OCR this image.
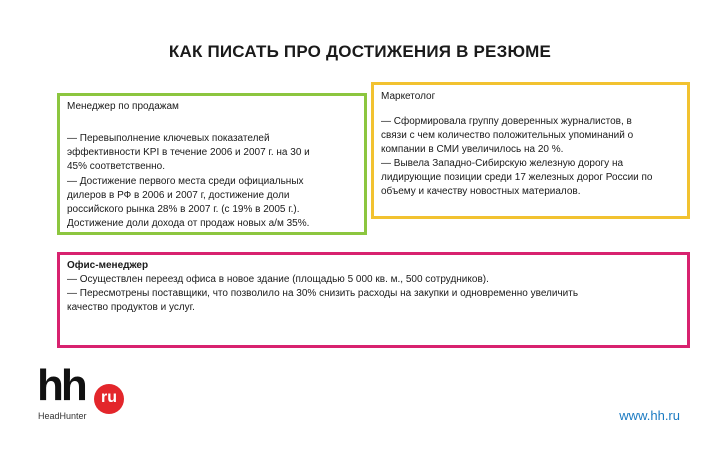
КАК ПИСАТЬ ПРО ДОСТИЖЕНИЯ В РЕЗЮМЕ
Менеджер по продажам
— Перевыполнение ключевых показателей
эффективности KPI в течение 2006 и 2007 г. на 30 и
45% соответственно.
— Достижение первого места среди официальных
дилеров в РФ в 2006 и 2007 г, достижение доли
российского рынка 28% в 2007 г. (с 19% в 2005 г.).
Достижение доли дохода от продаж новых а/м 35%.
Маркетолог
— Сформировала группу доверенных журналистов, в
связи с чем количество положительных упоминаний о
компании в СМИ увеличилось на 20 %.
— Вывела Западно-Сибирскую железную дорогу на
лидирующие позиции среди 17 железных дорог России по
объему и качеству новостных материалов.
Офис-менеджер
— Осуществлен переезд офиса в новое здание (площадью 5 000 кв. м., 500 сотрудников).
— Пересмотрены поставщики, что позволило на 30% снизить расходы на закупки и одновременно увеличить
качество продуктов и услуг.
hh	ru
HeadHunter	www.hh.ru
